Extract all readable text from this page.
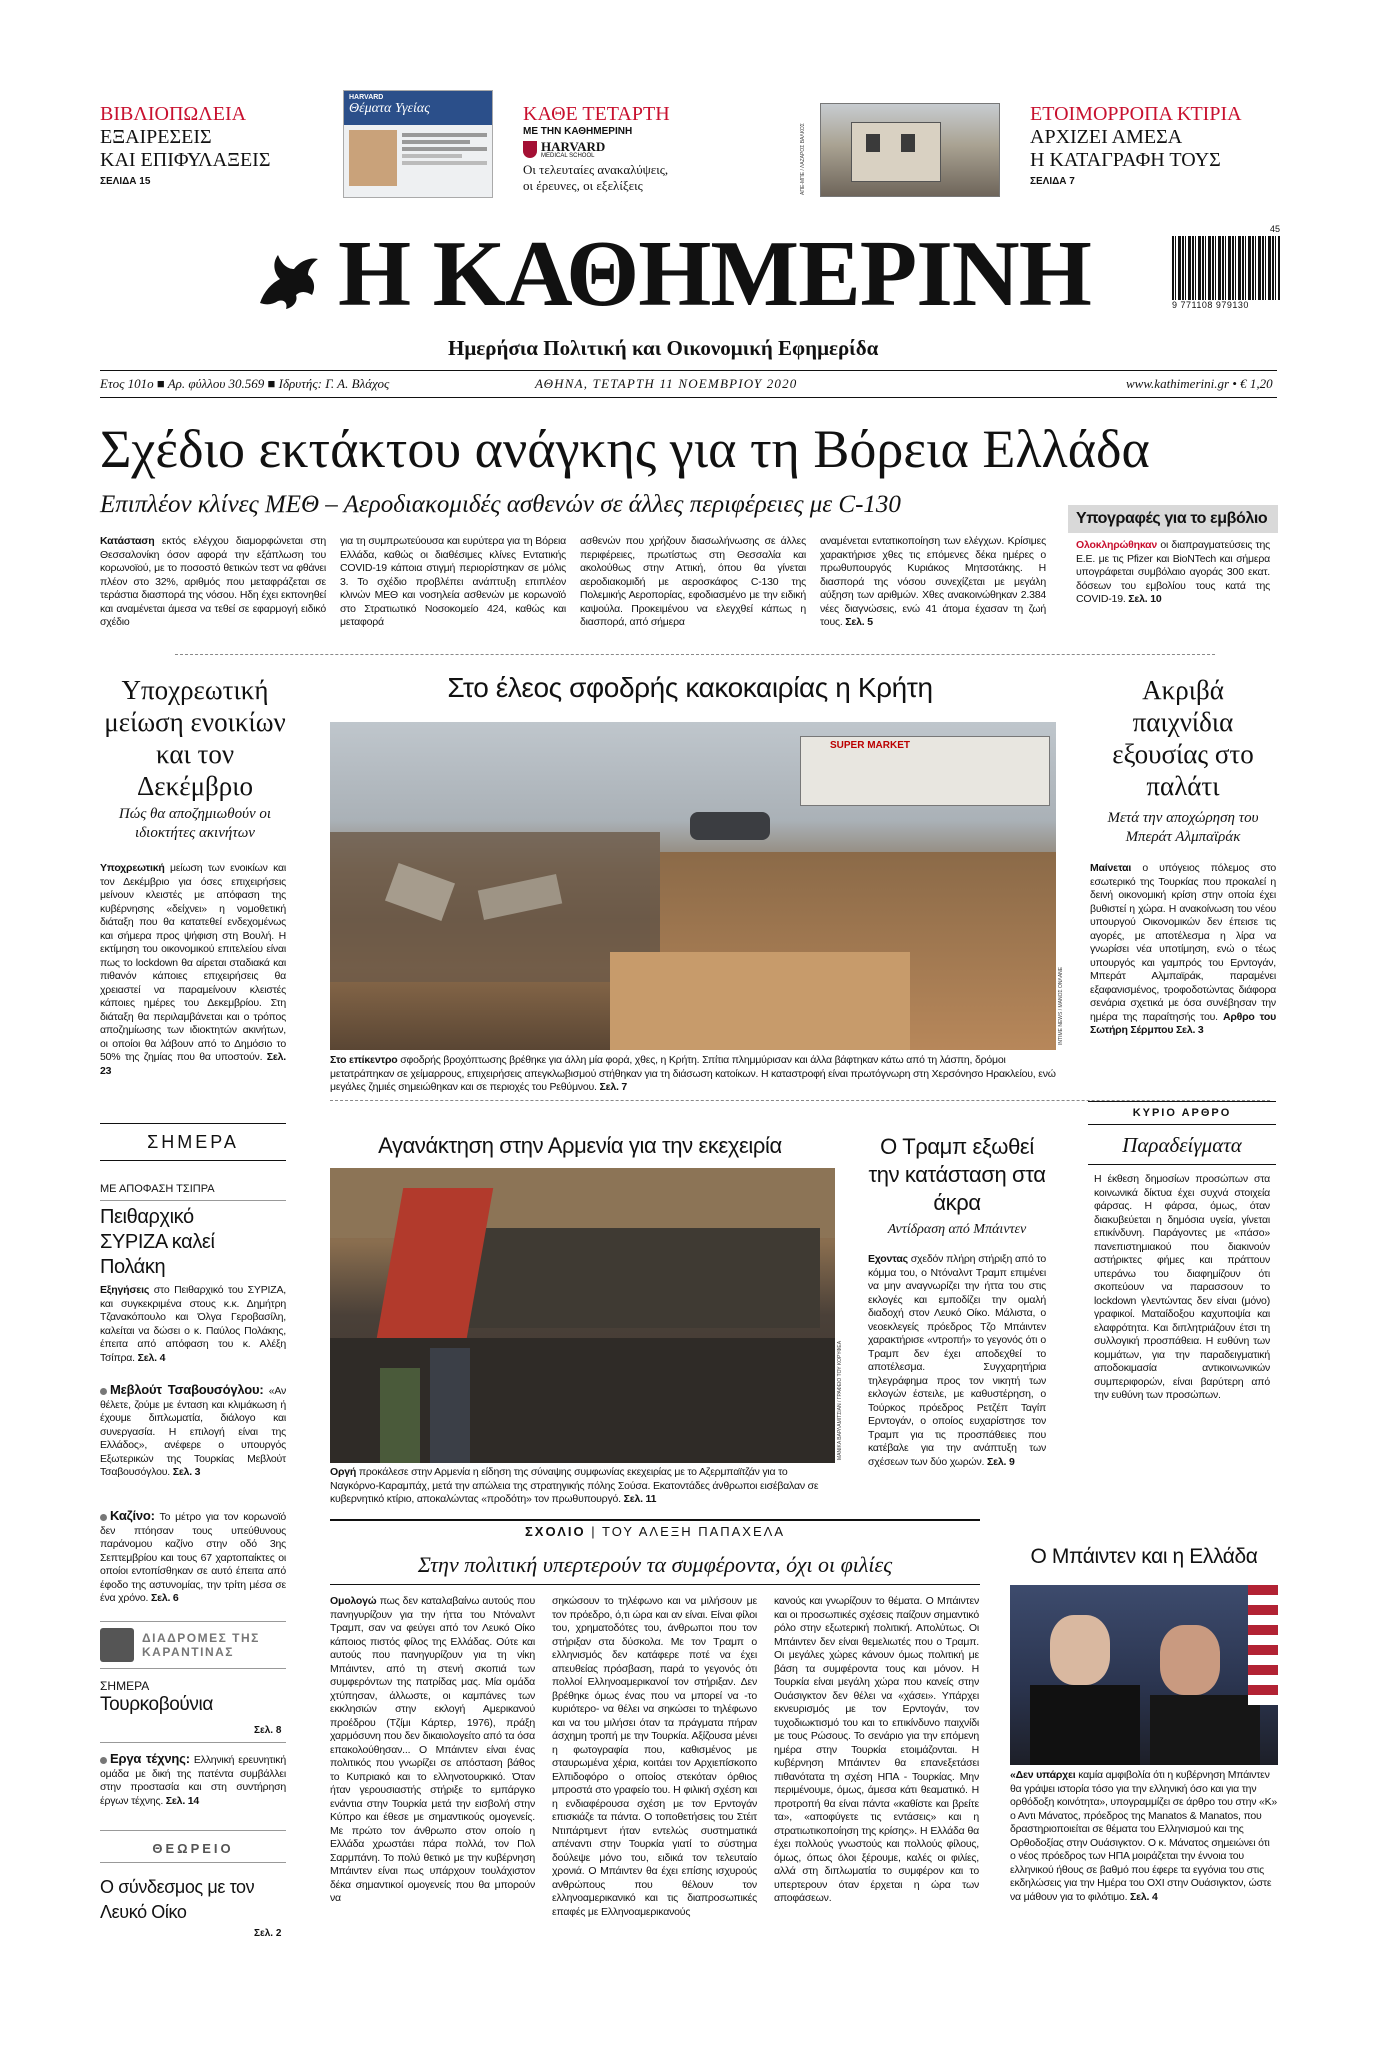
ΒΙΒΛΙΟΠΩΛΕΙΑ
ΕΞΑΙΡΕΣΕΙΣ
ΚΑΙ ΕΠΙΦΥΛΑΞΕΙΣ
ΣΕΛΙΔΑ 15
HARVARD
Θέματα Υγείας	ΚΑΘΕ ΤΕΤΑΡΤΗ
ΜΕ ΤΗΝ ΚΑΘΗΜΕΡΙΝΗ
HARVARD
MEDICAL SCHOOL
Οι τελευταίες ανακαλύψεις,
οι έρευνες, οι εξελίξεις	ΑΠΕ-ΜΠΕ / ΛΑΖΑΡΟΣ ΒΑΛΚΟΣ
ΕΤΟΙΜΟΡΡΟΠΑ ΚΤΙΡΙΑ
ΑΡΧΙΖΕΙ ΑΜΕΣΑ
Η ΚΑΤΑΓΡΑΦΗ ΤΟΥΣ
ΣΕΛΙΔΑ 7
Η ΚΑΘΗΜΕΡΙΝΗ
Ημερήσια Πολιτική και Οικονομική Εφημερίδα
45
9 771108 979130
Ετος 101ο ■ Αρ. φύλλου 30.569 ■ Ιδρυτής: Γ. Α. Βλάχος	ΑΘΗΝΑ, ΤΕΤΑΡΤΗ 11 ΝΟΕΜΒΡΙΟΥ 2020	www.kathimerini.gr • € 1,20
Σχέδιο εκτάκτου ανάγκης για τη Βόρεια Ελλάδα
Επιπλέον κλίνες ΜΕΘ – Αεροδιακομιδές ασθενών σε άλλες περιφέρειες με C-130
Κατάσταση εκτός ελέγχου διαμορφώνεται στη Θεσσαλονίκη όσον αφορά την εξάπλωση του κορωνοϊού, με το ποσοστό θετικών τεστ να φθάνει πλέον στο 32%, αριθμός που μεταφράζεται σε τεράστια διασπορά της νόσου. Ηδη έχει εκπονηθεί και αναμένεται άμεσα να τεθεί σε εφαρμογή ειδικό σχέδιο
για τη συμπρωτεύουσα και ευρύτερα για τη Βόρεια Ελλάδα, καθώς οι διαθέσιμες κλίνες Εντατικής COVID-19 κάποια στιγμή περιορίστηκαν σε μόλις 3. Το σχέδιο προβλέπει ανάπτυξη επιπλέον κλινών ΜΕΘ και νοσηλεία ασθενών με κορωνοϊό στο Στρατιωτικό Νοσοκομείο 424, καθώς και μεταφορά
ασθενών που χρήζουν διασωλήνωσης σε άλλες περιφέρειες, πρωτίστως στη Θεσσαλία και ακολούθως στην Αττική, όπου θα γίνεται αεροδιακομιδή με αεροσκάφος C-130 της Πολεμικής Αεροπορίας, εφοδιασμένο με την ειδική καψούλα. Προκειμένου να ελεγχθεί κάπως η διασπορά, από σήμερα
αναμένεται εντατικοποίηση των ελέγχων. Κρίσιμες χαρακτήρισε χθες τις επόμενες δέκα ημέρες ο πρωθυπουργός Κυριάκος Μητσοτάκης. Η διασπορά της νόσου συνεχίζεται με μεγάλη αύξηση των αριθμών. Χθες ανακοινώθηκαν 2.384 νέες διαγνώσεις, ενώ 41 άτομα έχασαν τη ζωή τους. Σελ. 5
Υπογραφές για το εμβόλιο
Ολοκληρώθηκαν οι διαπραγματεύσεις της Ε.Ε. με τις Pfizer και BioNTech και σήμερα υπογράφεται συμβόλαιο αγοράς 300 εκατ. δόσεων του εμβολίου τους κατά της COVID-19. Σελ. 10
Υποχρεωτική μείωση ενοικίων και τον Δεκέμβριο
Πώς θα αποζημιωθούν οι ιδιοκτήτες ακινήτων
Υποχρεωτική μείωση των ενοικίων και τον Δεκέμβριο για όσες επιχειρήσεις μείνουν κλειστές με απόφαση της κυβέρνησης «δείχνει» η νομοθετική διάταξη που θα κατατεθεί ενδεχομένως και σήμερα προς ψήφιση στη Βουλή. Η εκτίμηση του οικονομικού επιτελείου είναι πως το lockdown θα αίρεται σταδιακά και πιθανόν κάποιες επιχειρήσεις θα χρειαστεί να παραμείνουν κλειστές κάποιες ημέρες του Δεκεμβρίου. Στη διάταξη θα περιλαμβάνεται και ο τρόπος αποζημίωσης των ιδιοκτητών ακινήτων, οι οποίοι θα λάβουν από το Δημόσιο το 50% της ζημίας που θα υποστούν. Σελ. 23
Στο έλεος σφοδρής κακοκαιρίας η Κρήτη
SUPER MARKET
INTIME NEWS / ΜΑΝΟΣ ΟΝΛΑΝΕ
Στο επίκεντρο σφοδρής βροχόπτωσης βρέθηκε για άλλη μία φορά, χθες, η Κρήτη. Σπίτια πλημμύρισαν και άλλα βάφτηκαν κάτω από τη λάσπη, δρόμοι μετατράπηκαν σε χείμαρρους, επιχειρήσεις απεγκλωβισμού στήθηκαν για τη διάσωση κατοίκων. Η καταστροφή είναι πρωτόγνωρη στη Χερσόνησο Ηρακλείου, ενώ μεγάλες ζημιές σημειώθηκαν και σε περιοχές του Ρεθύμνου. Σελ. 7
Ακριβά παιχνίδια εξουσίας στο παλάτι
Μετά την αποχώρηση του Μπεράτ Αλμπαϊράκ
Μαίνεται ο υπόγειος πόλεμος στο εσωτερικό της Τουρκίας που προκαλεί η δεινή οικονομική κρίση στην οποία έχει βυθιστεί η χώρα. Η ανακοίνωση του νέου υπουργού Οικονομικών δεν έπεισε τις αγορές, με αποτέλεσμα η λίρα να γνωρίσει νέα υποτίμηση, ενώ ο τέως υπουργός και γαμπρός του Ερντογάν, Μπεράτ Αλμπαϊράκ, παραμένει εξαφανισμένος, τροφοδοτώντας διάφορα σενάρια σχετικά με όσα συνέβησαν την ημέρα της παραίτησής του. Αρθρο του Σωτήρη Σέρμπου Σελ. 3
ΣΗΜΕΡΑ
ΜΕ ΑΠΟΦΑΣΗ ΤΣΙΠΡΑ
Πειθαρχικό ΣΥΡΙΖΑ καλεί Πολάκη
Εξηγήσεις στο Πειθαρχικό του ΣΥΡΙΖΑ, και συγκεκριμένα στους κ.κ. Δημήτρη Τζανακόπουλο και Όλγα Γεροβασίλη, καλείται να δώσει ο κ. Παύλος Πολάκης, έπειτα από απόφαση του κ. Αλέξη Τσίπρα. Σελ. 4
Μεβλούτ Τσαβουσόγλου: «Αν θέλετε, ζούμε με ένταση και κλιμάκωση ή έχουμε διπλωματία, διάλογο και συνεργασία. Η επιλογή είναι της Ελλάδος», ανέφερε ο υπουργός Εξωτερικών της Τουρκίας Μεβλούτ Τσαβουσόγλου. Σελ. 3
Καζίνο: Το μέτρο για τον κορωνοϊό δεν πτόησαν τους υπεύθυνους παράνομου καζίνο στην οδό 3ης Σεπτεμβρίου και τους 67 χαρτοπαίκτες οι οποίοι εντοπίσθηκαν σε αυτό έπειτα από έφοδο της αστυνομίας, την τρίτη μέσα σε ένα χρόνο. Σελ. 6
ΔΙΑΔΡΟΜΕΣ ΤΗΣ ΚΑΡΑΝΤΙΝΑΣ
ΣΗΜΕΡΑ
Τουρκοβούνια
Σελ. 8
Εργα τέχνης: Ελληνική ερευνητική ομάδα με δική της πατέντα συμβάλλει στην προστασία και στη συντήρηση έργων τέχνης. Σελ. 14
ΘΕΩΡΕΙΟ
Ο σύνδεσμος με τον Λευκό Οίκο
Σελ. 2
Αγανάκτηση στην Αρμενία για την εκεχειρία
ΜΑΝΙΚΑ ΒΑΡΛΑΜΙΤΣΙΑΝ / ΓΡΑΦΕΙΟ ΤΟΥ ΚΟΡΥΦΕΑ
Οργή προκάλεσε στην Αρμενία η είδηση της σύναψης συμφωνίας εκεχειρίας με το Αζερμπαϊτζάν για το Ναγκόρνο-Καραμπάχ, μετά την απώλεια της στρατηγικής πόλης Σούσα. Εκατοντάδες άνθρωποι εισέβαλαν σε κυβερνητικό κτίριο, αποκαλώντας «προδότη» τον πρωθυπουργό. Σελ. 11
Ο Τραμπ εξωθεί την κατάσταση στα άκρα
Αντίδραση από Μπάιντεν
Εχοντας σχεδόν πλήρη στήριξη από το κόμμα του, ο Ντόναλντ Τραμπ επιμένει να μην αναγνωρίζει την ήττα του στις εκλογές και εμποδίζει την ομαλή διαδοχή στον Λευκό Οίκο. Μάλιστα, ο νεοεκλεγείς πρόεδρος Τζο Μπάιντεν χαρακτήρισε «ντροπή» το γεγονός ότι ο Τραμπ δεν έχει αποδεχθεί το αποτέλεσμα. Συγχαρητήρια τηλεγράφημα προς τον νικητή των εκλογών έστειλε, με καθυστέρηση, ο Τούρκος πρόεδρος Ρετζέπ Ταγίπ Ερντογάν, ο οποίος ευχαρίστησε τον Τραμπ για τις προσπάθειες που κατέβαλε για την ανάπτυξη των σχέσεων των δύο χωρών. Σελ. 9
ΚΥΡΙΟ ΑΡΘΡΟ
Παραδείγματα
Η έκθεση δημοσίων προσώπων στα κοινωνικά δίκτυα έχει συχνά στοιχεία φάρσας. Η φάρσα, όμως, όταν διακυβεύεται η δημόσια υγεία, γίνεται επικίνδυνη. Παράγοντες με «πάσο» πανεπιστημιακού που διακινούν αστήρικτες φήμες και πράττουν υπεράνω του διαφημίζουν ότι σκοπεύουν να παρασσουν το lockdown γλεντώντας δεν είναι (μόνο) γραφικοί. Ματαίδοξου καχυποψία και ελαφρότητα. Και διπλητριάζουν έτσι τη συλλογική προσπάθεια. Η ευθύνη των κομμάτων, για την παραδειγματική αποδοκιμασία αντικοινωνικών συμπεριφορών, είναι βαρύτερη από την ευθύνη των προσώπων.
ΣΧΟΛΙΟ | ΤΟΥ ΑΛΕΞΗ ΠΑΠΑΧΕΛΑ
Στην πολιτική υπερτερούν τα συμφέροντα, όχι οι φιλίες
Ομολογώ πως δεν καταλαβαίνω αυτούς που πανηγυρίζουν για την ήττα του Ντόναλντ Τραμπ, σαν να φεύγει από τον Λευκό Οίκο κάποιος πιστός φίλος της Ελλάδας. Ούτε και αυτούς που πανηγυρίζουν για τη νίκη Μπάιντεν, από τη στενή σκοπιά των συμφερόντων της πατρίδας μας. Μία ομάδα χτύπησαν, άλλωστε, οι καμπάνες των εκκλησιών στην εκλογή Αμερικανού προέδρου (Τζίμι Κάρτερ, 1976), πράξη χαρμόσυνη που δεν δικαιολογείτο από τα όσα επακολούθησαν... Ο Μπάιντεν είναι ένας πολιτικός που γνωρίζει σε απόσταση βάθος το Κυπριακό και το ελληνοτουρκικό. Όταν ήταν γερουσιαστής στήριξε το εμπάργκο ενάντια στην Τουρκία μετά την εισβολή στην Κύπρο και έθεσε με σημαντικούς ομογενείς. Με πρώτο τον άνθρωπο στον οποίο η Ελλάδα χρωστάει πάρα πολλά, τον Πολ Σαρμπάνη. Το πολύ θετικό με την κυβέρνηση Μπάιντεν είναι πως υπάρχουν τουλάχιστον δέκα σημαντικοί ομογενείς που θα μπορούν να
σηκώσουν το τηλέφωνο και να μιλήσουν με τον πρόεδρο, ό,τι ώρα και αν είναι. Είναι φίλοι του, χρηματοδότες του, άνθρωποι που τον στήριξαν στα δύσκολα. Με τον Τραμπ ο ελληνισμός δεν κατάφερε ποτέ να έχει απευθείας πρόσβαση, παρά το γεγονός ότι πολλοί Ελληνοαμερικανοί τον στήριξαν. Δεν βρέθηκε όμως ένας που να μπορεί να -το κυριότερο- να θέλει να σηκώσει το τηλέφωνο και να του μιλήσει όταν τα πράγματα πήραν άσχημη τροπή με την Τουρκία. Αξίζουσα μένει η φωτογραφία που, καθισμένος με σταυρωμένα χέρια, κοιτάει τον Αρχιεπίσκοπο Ελπιδοφόρο ο οποίος στεκόταν όρθιος μπροστά στο γραφείο του. Η φιλική σχέση και η ενδιαφέρουσα σχέση με τον Ερντογάν επισκιάζε τα πάντα. Ο τοποθετήσεις του Στέιτ Ντιπάρτμεντ ήταν εντελώς συστηματικά απέναντι στην Τουρκία γιατί το σύστημα δούλεψε μόνο του, ειδικά τον τελευταίο χρονιά. Ο Μπάιντεν θα έχει επίσης ισχυρούς ανθρώπους που θέλουν τον ελληνοαμερικανικό και τις διαπροσωπικές επαφές με Ελληνοαμερικανούς
κανούς και γνωρίζουν το θέματα. Ο Μπάιντεν και οι προσωπικές σχέσεις παίζουν σημαντικό ρόλο στην εξωτερική πολιτική. Απολύτως. Οι Μπάιντεν δεν είναι θεμελιωτές που ο Τραμπ. Οι μεγάλες χώρες κάνουν όμως πολιτική με βάση τα συμφέροντα τους και μόνον. Η Τουρκία είναι μεγάλη χώρα που κανείς στην Ουάσιγκτον δεν θέλει να «χάσει». Υπάρχει εκνευρισμός με τον Ερντογάν, τον τυχοδιωκτισμό του και το επικίνδυνο παιχνίδι με τους Ρώσους. Το σενάριο για την επόμενη ημέρα στην Τουρκία ετοιμάζονται. Η κυβέρνηση Μπάιντεν θα επανεξετάσει πιθανότατα τη σχέση ΗΠΑ - Τουρκίας. Μην περιμένουμε, όμως, άμεσα κάτι θεαματικό. Η προτροπή θα είναι πάντα «καθίστε και βρείτε τα», «αποφύγετε τις εντάσεις» και η στρατιωτικοποίηση της κρίσης». Η Ελλάδα θα έχει πολλούς γνωστούς και πολλούς φίλους, όμως, όπως όλοι ξέρουμε, καλές οι φιλίες, αλλά στη διπλωματία το συμφέρον και το υπερτερουν όταν έρχεται η ώρα των αποφάσεων.
Ο Μπάιντεν και η Ελλάδα
«Δεν υπάρχει καμία αμφιβολία ότι η κυβέρνηση Μπάιντεν θα γράψει ιστορία τόσο για την ελληνική όσο και για την ορθόδοξη κοινότητα», υπογραμμίζει σε άρθρο του στην «Κ» ο Αντι Μάνατος, πρόεδρος της Manatos & Manatos, που δραστηριοποιείται σε θέματα του Ελληνισμού και της Ορθοδοξίας στην Ουάσιγκτον. Ο κ. Μάνατος σημειώνει ότι ο νέος πρόεδρος των ΗΠΑ μοιράζεται την έννοια του ελληνικού ήθους σε βαθμό που έφερε τα εγγόνια του στις εκδηλώσεις για την Ημέρα του ΟΧΙ στην Ουάσιγκτον, ώστε να μάθουν για το φιλότιμο. Σελ. 4
